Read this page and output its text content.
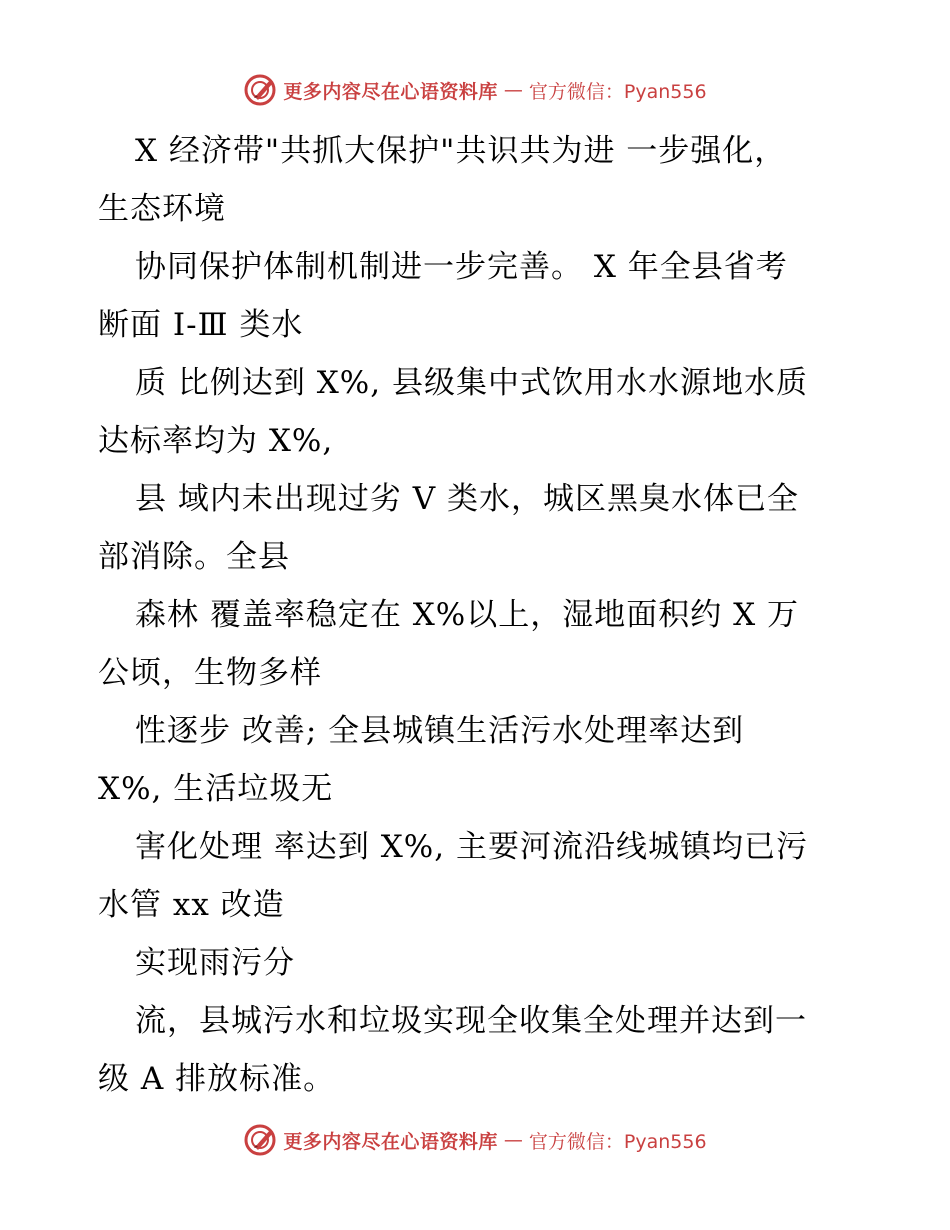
更多内容尽在心语资料库 — 官方微信：Pyan556
X 经济带"共抓大保护"共识共为进 一步强化，
生态环境
协同保护体制机制进一步完善。 X 年全县省考
断面 I-Ⅲ 类水
质 比例达到 X%, 县级集中式饮用水水源地水质
达标率均为 X%,
县 域内未出现过劣 V 类水，城区黑臭水体已全
部消除。全县
森林 覆盖率稳定在 X%以上，湿地面积约 X 万
公顷，生物多样
性逐步 改善; 全县城镇生活污水处理率达到
X%, 生活垃圾无
害化处理 率达到 X%, 主要河流沿线城镇均已污
水管 xx 改造
实现雨污分
流，县城污水和垃圾实现全收集全处理并达到一
级 A 排放标准。
更多内容尽在心语资料库 — 官方微信：Pyan556
